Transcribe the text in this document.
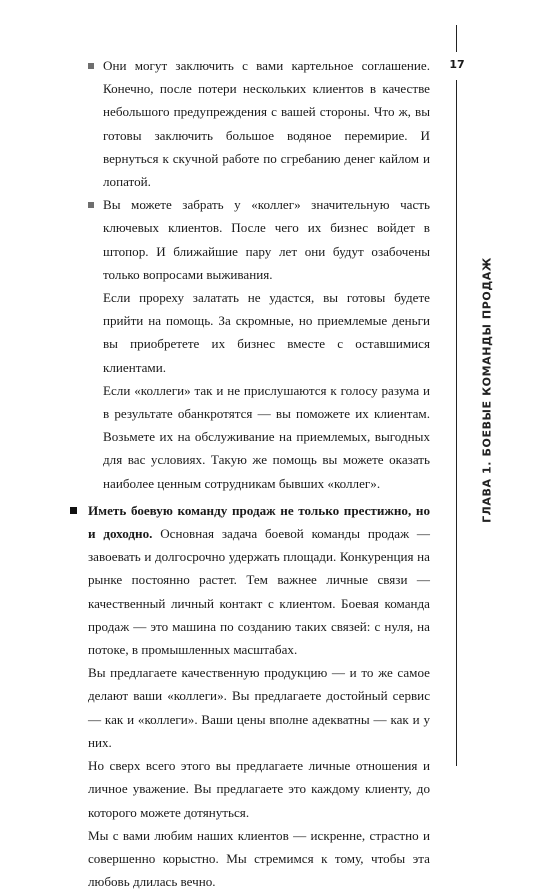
Они могут заключить с вами картельное соглашение. Конечно, после потери нескольких клиентов в качестве небольшого предупреждения с вашей стороны. Что ж, вы готовы заключить большое водяное перемирие. И вернуться к скучной работе по сгребанию денег кайлом и лопатой.

Вы можете забрать у «коллег» значительную часть ключевых клиентов. После чего их бизнес войдет в штопор. И ближайшие пару лет они будут озабочены только вопросами выживания.

Если прореху залатать не удастся, вы готовы будете прийти на помощь. За скромные, но приемлемые деньги вы приобретете их бизнес вместе с оставшимися клиентами.

Если «коллеги» так и не прислушаются к голосу разума и в результате обанкротятся — вы поможете их клиентам. Возьмете их на обслуживание на приемлемых, выгодных для вас условиях. Такую же помощь вы можете оказать наиболее ценным сотрудникам бывших «коллег».

Иметь боевую команду продаж не только престижно, но и доходно. Основная задача боевой команды продаж — завоевать и долгосрочно удержать площади. Конкуренция на рынке постоянно растет. Тем важнее личные связи — качественный личный контакт с клиентом. Боевая команда продаж — это машина по созданию таких связей: с нуля, на потоке, в промышленных масштабах.

Вы предлагаете качественную продукцию — и то же самое делают ваши «коллеги». Вы предлагаете достойный сервис — как и «коллеги». Ваши цены вполне адекватны — как и у них.

Но сверх всего этого вы предлагаете личные отношения и личное уважение. Вы предлагаете это каждому клиенту, до которого можете дотянуться.

Мы с вами любим наших клиентов — искренне, страстно и совершенно корыстно. Мы стремимся к тому, чтобы эта любовь длилась вечно.

17
ГЛАВА 1. БОЕВЫЕ КОМАНДЫ ПРОДАЖ
